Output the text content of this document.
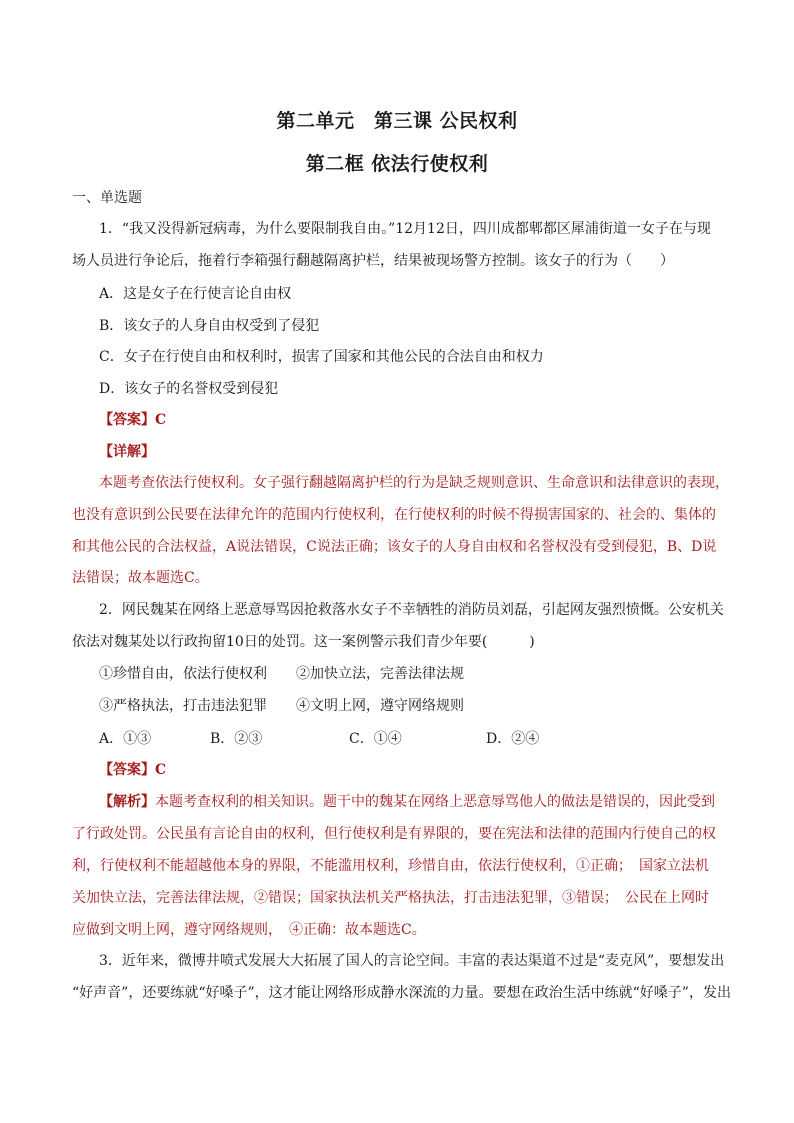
第二单元　第三课 公民权利
第二框 依法行使权利
一、单选题
1．“我又没得新冠病毒，为什么要限制我自由。”12月12日，四川成都郫都区犀浦街道一女子在与现
场人员进行争论后，拖着行李箱强行翻越隔离护栏，结果被现场警方控制。该女子的行为（　　）
A．这是女子在行使言论自由权
B．该女子的人身自由权受到了侵犯
C．女子在行使自由和权利时，损害了国家和其他公民的合法自由和权力
D．该女子的名誉权受到侵犯
【答案】C
【详解】
本题考查依法行使权利。女子强行翻越隔离护栏的行为是缺乏规则意识、生命意识和法律意识的表现，
也没有意识到公民要在法律允许的范围内行使权利，在行使权利的时候不得损害国家的、社会的、集体的
和其他公民的合法权益，A说法错误，C说法正确；该女子的人身自由权和名誉权没有受到侵犯，B、D说
法错误；故本题选C。
2．网民魏某在网络上恶意辱骂因抢救落水女子不幸牺牲的消防员刘磊，引起网友强烈愤慨。公安机关
依法对魏某处以行政拘留10日的处罚。这一案例警示我们青少年要(　　　)
①珍惜自由，依法行使权利 ②加快立法，完善法律法规
③严格执法，打击违法犯罪 ④文明上网，遵守网络规则
A．①③	B．②③	C．①④	D．②④
【答案】C
【解析】本题考查权利的相关知识。题干中的魏某在网络上恶意辱骂他人的做法是错误的，因此受到
了行政处罚。公民虽有言论自由的权利，但行使权利是有界限的，要在宪法和法律的范围内行使自己的权
利，行使权利不能超越他本身的界限，不能滥用权利，珍惜自由，依法行使权利，①正确；　国家立法机
关加快立法，完善法律法规，②错误；国家执法机关严格执法，打击违法犯罪，③错误；　公民在上网时
应做到文明上网，遵守网络规则，　④正确：故本题选C。
3．近年来，微博井喷式发展大大拓展了国人的言论空间。丰富的表达渠道不过是“麦克风”，要想发出
“好声音”，还要练就“好嗓子”，这才能让网络形成静水深流的力量。要想在政治生活中练就“好嗓子”，发出
